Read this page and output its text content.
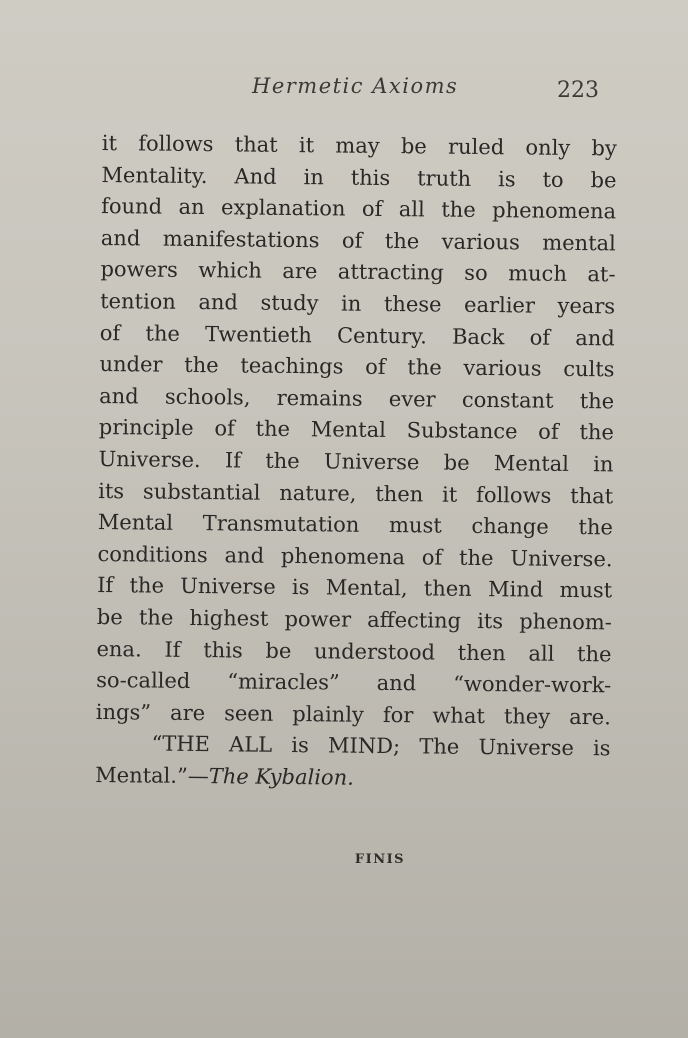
Hermetic Axioms	223
it follows that it may be ruled only by
Mentality. And in this truth is to be
found an explanation of all the phenomena
and manifestations of the various mental
powers which are attracting so much at-
tention and study in these earlier years
of the Twentieth Century. Back of and
under the teachings of the various cults
and schools, remains ever constant the
principle of the Mental Substance of the
Universe. If the Universe be Mental in
its substantial nature, then it follows that
Mental Transmutation must change the
conditions and phenomena of the Universe.
If the Universe is Mental, then Mind must
be the highest power affecting its phenom-
ena. If this be understood then all the
so-called “miracles” and “wonder-work-
ings” are seen plainly for what they are.
“THE ALL is MIND; The Universe is
Mental.”—The Kybalion.
FINIS
